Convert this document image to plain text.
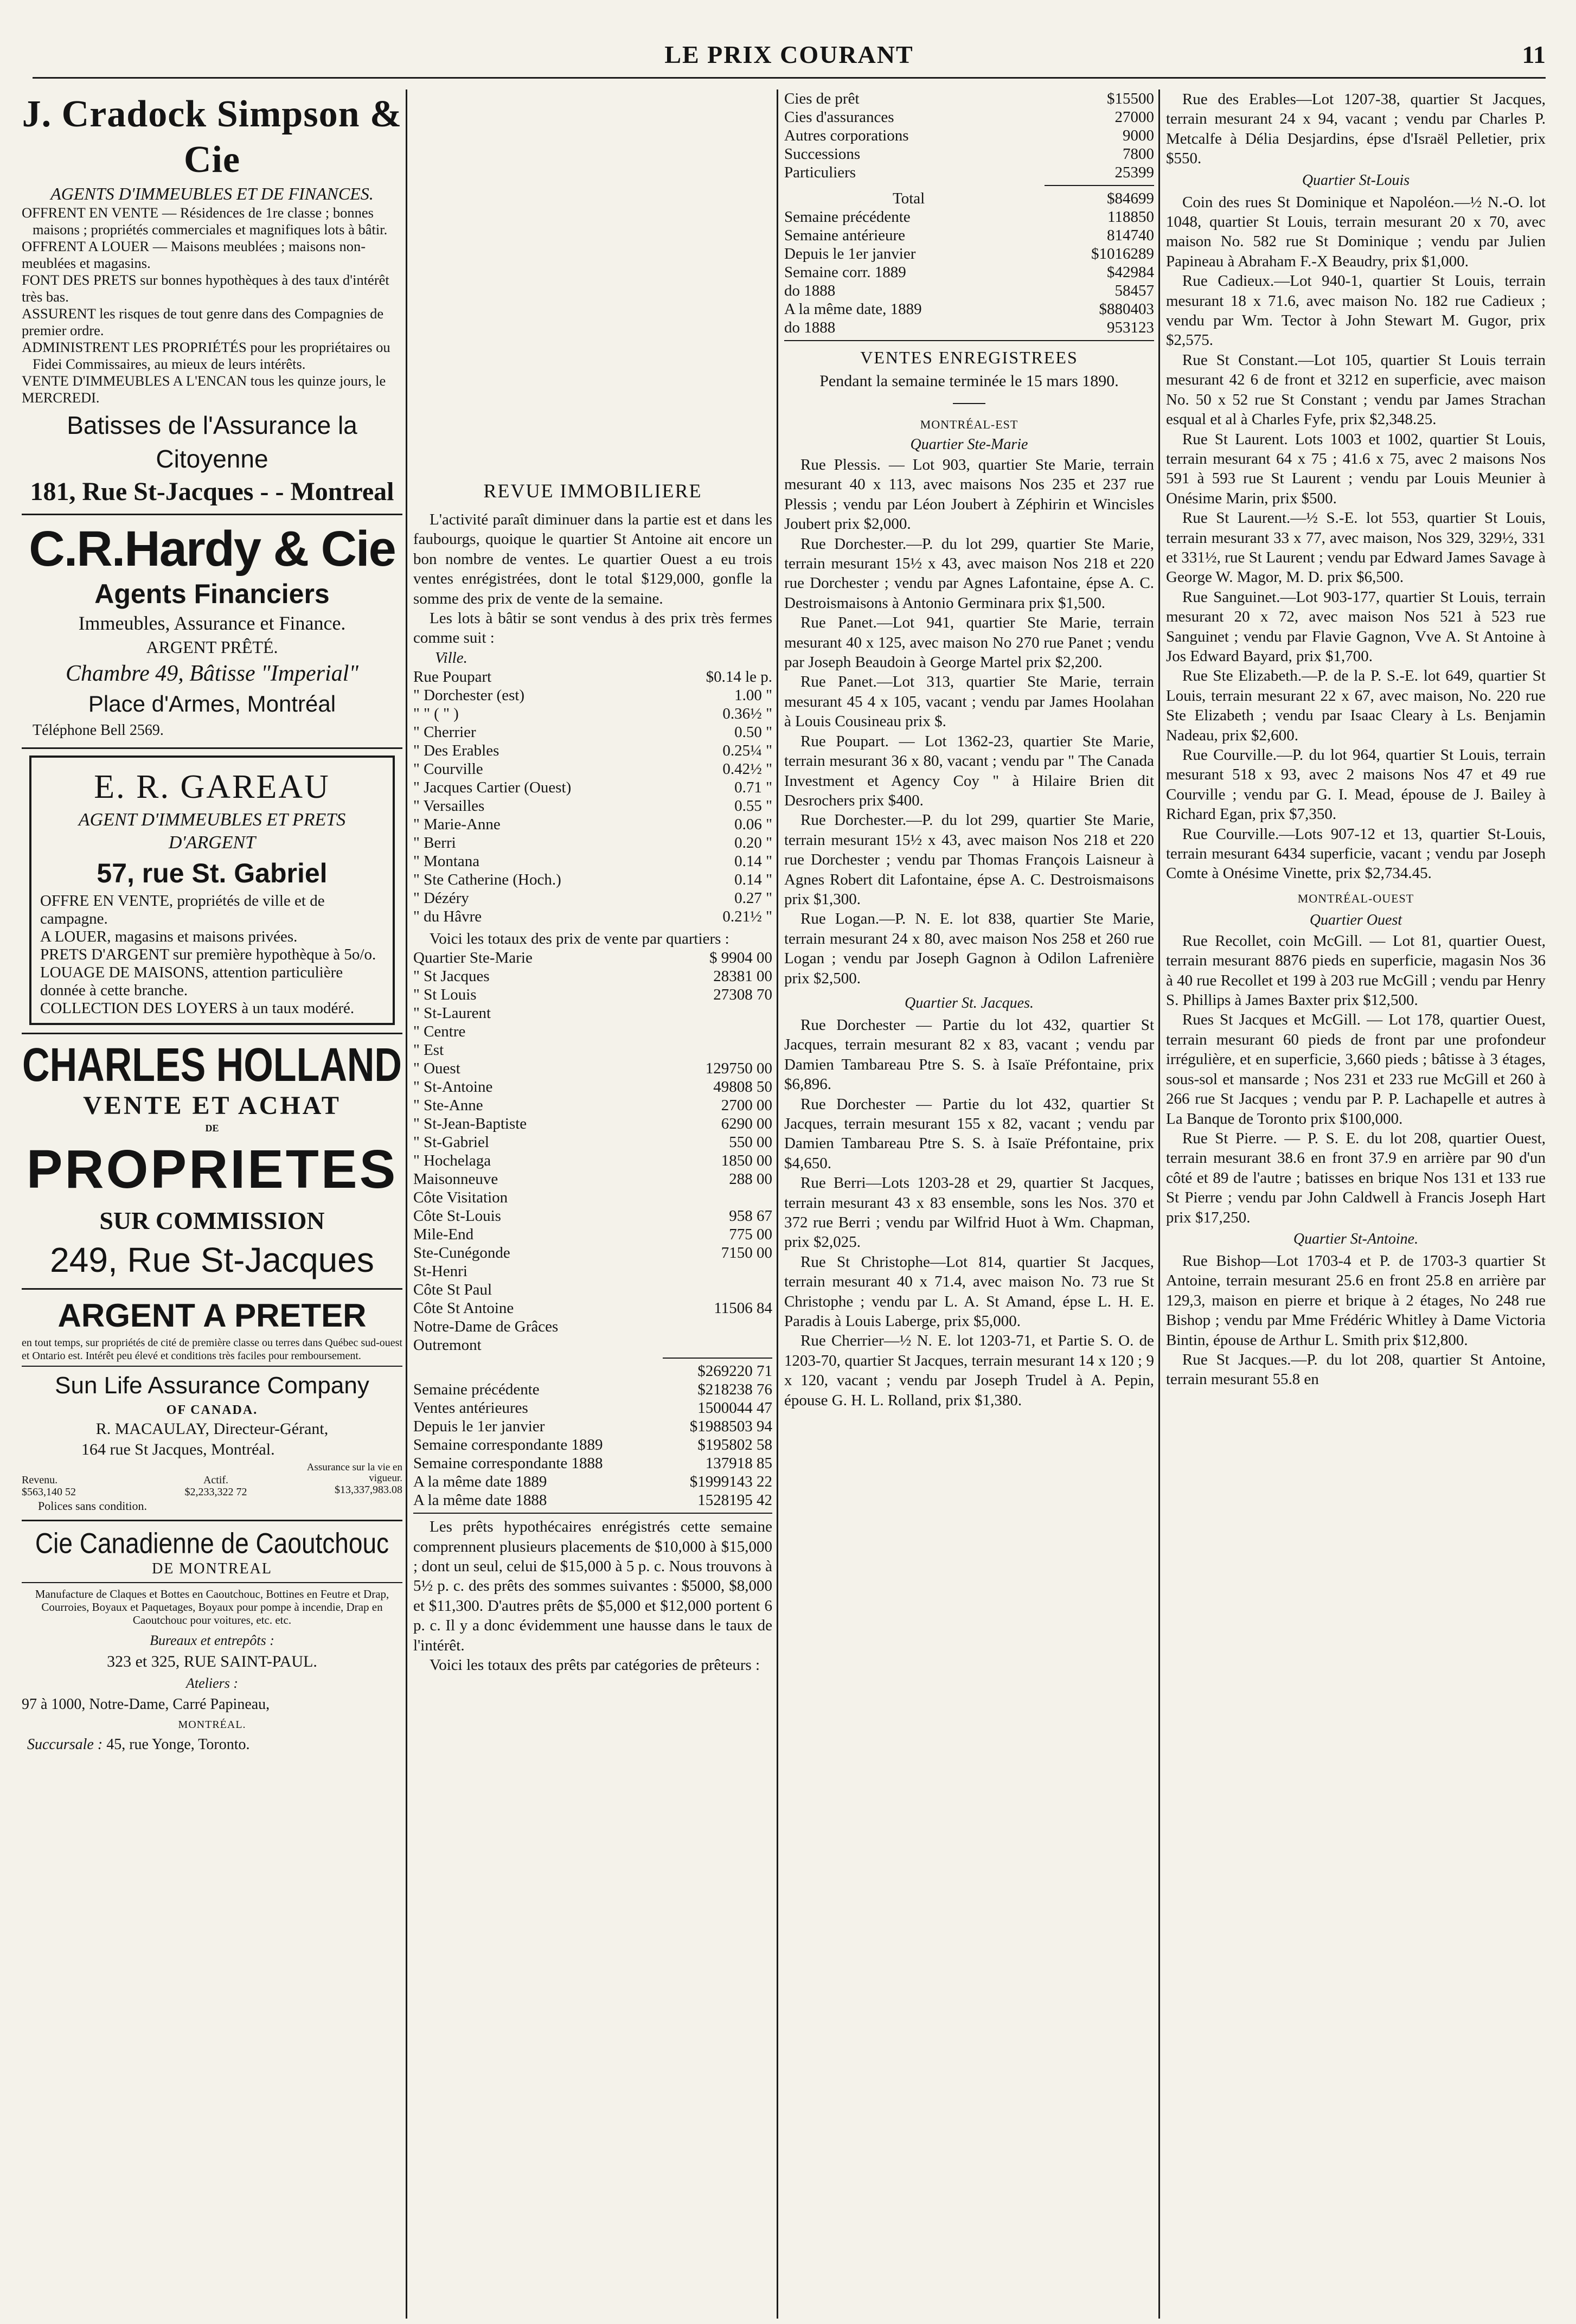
LE PRIX COURANT	11

J. Cradock Simpson & Cie

AGENTS D'IMMEUBLES ET DE FINANCES.

OFFRENT EN VENTE — Résidences de 1re classe ; bonnes maisons ; propriétés commerciales et magnifiques lots à bâtir.

OFFRENT A LOUER — Maisons meublées ; maisons non-meublées et magasins.

FONT DES PRETS sur bonnes hypothèques à des taux d'intérêt très bas.

ASSURENT les risques de tout genre dans des Compagnies de premier ordre.

ADMINISTRENT LES PROPRIÉTÉS pour les propriétaires ou Fidei Commissaires, au mieux de leurs intérêts.

VENTE D'IMMEUBLES A L'ENCAN tous les quinze jours, le MERCREDI.

Batisses de l'Assurance la Citoyenne

181, Rue St-Jacques - - Montreal

C.R.Hardy & Cie

Agents Financiers

Immeubles, Assurance et Finance.

ARGENT PRÊTÉ.

Chambre 49, Bâtisse "Imperial"

Place d'Armes, Montréal

Téléphone Bell 2569.

E. R. GAREAU

AGENT D'IMMEUBLES ET PRETS D'ARGENT

57, rue St. Gabriel

OFFRE EN VENTE, propriétés de ville et de campagne.

A LOUER, magasins et maisons privées.

PRETS D'ARGENT sur première hypothèque à 5o/o.

LOUAGE DE MAISONS, attention particulière donnée à cette branche.

COLLECTION DES LOYERS à un taux modéré.

CHARLES HOLLAND

VENTE ET ACHAT

DE

PROPRIETES

SUR COMMISSION

249, Rue St-Jacques

ARGENT A PRETER

en tout temps, sur propriétés de cité de première classe ou terres dans Québec sud-ouest et Ontario est. Intérêt peu élevé et conditions très faciles pour remboursement.

Sun Life Assurance Company

OF CANADA.

R. MACAULAY, Directeur-Gérant,

164 rue St Jacques, Montréal.

Revenu.

$563,140 52

Actif.

$2,233,322 72

Assurance sur la vie en vigueur.

$13,337,983.08

Polices sans condition.

Cie Canadienne de Caoutchouc

DE MONTREAL

Manufacture de Claques et Bottes en Caoutchouc, Bottines en Feutre et Drap, Courroies, Boyaux et Paquetages, Boyaux pour pompe à incendie, Drap en Caoutchouc pour voitures, etc. etc.

Bureaux et entrepôts :

323 et 325, RUE SAINT-PAUL.

Ateliers :

97 à 1000, Notre-Dame, Carré Papineau,

MONTRÉAL.

Succursale : 45, rue Yonge, Toronto.

REVUE IMMOBILIERE

L'activité paraît diminuer dans la partie est et dans les faubourgs, quoique le quartier St Antoine ait encore un bon nombre de ventes. Le quartier Ouest a eu trois ventes enrégistrées, dont le total $129,000, gonfle la somme des prix de vente de la semaine.

Les lots à bâtir se sont vendus à des prix très fermes comme suit :

Ville.

Rue Poupart	$0.14 le p.
" Dorchester (est)	1.00 "
" " ( " )	0.36½ "
" Cherrier	0.50 "
" Des Erables	0.25¼ "
" Courville	0.42½ "
" Jacques Cartier (Ouest)	0.71 "
" Versailles	0.55 "
" Marie-Anne	0.06 "
" Berri	0.20 "
" Montana	0.14 "
" Ste Catherine (Hoch.)	0.14 "
" Dézéry	0.27 "
" du Hâvre	0.21½ "

Voici les totaux des prix de vente par quartiers :

Quartier Ste-Marie	$ 9904 00
" St Jacques	28381 00
" St Louis	27308 70
" St-Laurent	
" Centre	
" Est	
" Ouest	129750 00
" St-Antoine	49808 50
" Ste-Anne	2700 00
" St-Jean-Baptiste	6290 00
" St-Gabriel	550 00
" Hochelaga	1850 00
Maisonneuve	288 00
Côte Visitation	
Côte St-Louis	958 67
Mile-End	775 00
Ste-Cunégonde	7150 00
St-Henri	
Côte St Paul	
Côte St Antoine	11506 84
Notre-Dame de Grâces	
Outremont	
	$269220 71
Semaine précédente	$218238 76
Ventes antérieures	1500044 47
Depuis le 1er janvier	$1988503 94
Semaine correspondante 1889	$195802 58
Semaine correspondante 1888	137918 85
A la même date 1889	$1999143 22
A la même date 1888	1528195 42

Les prêts hypothécaires enrégistrés cette semaine comprennent plusieurs placements de $10,000 à $15,000 ; dont un seul, celui de $15,000 à 5 p. c. Nous trouvons à 5½ p. c. des prêts des sommes suivantes : $5000, $8,000 et $11,300. D'autres prêts de $5,000 et $12,000 portent 6 p. c. Il y a donc évidemment une hausse dans le taux de l'intérêt.

Voici les totaux des prêts par catégories de prêteurs :

Cies de prêt	$15500
Cies d'assurances	27000
Autres corporations	9000
Successions	7800
Particuliers	25399
Total	$84699
Semaine précédente	118850
Semaine antérieure	814740
Depuis le 1er janvier	$1016289
Semaine corr. 1889	$42984
do 1888	58457
A la même date, 1889	$880403
do 1888	953123

VENTES ENREGISTREES

Pendant la semaine terminée le 15 mars 1890.

MONTRÉAL-EST

Quartier Ste-Marie

Rue Plessis. — Lot 903, quartier Ste Marie, terrain mesurant 40 x 113, avec maisons Nos 235 et 237 rue Plessis ; vendu par Léon Joubert à Zéphirin et Wincisles Joubert prix $2,000.

Rue Dorchester.—P. du lot 299, quartier Ste Marie, terrain mesurant 15½ x 43, avec maison Nos 218 et 220 rue Dorchester ; vendu par Agnes Lafontaine, épse A. C. Destroismaisons à Antonio Germinara prix $1,500.

Rue Panet.—Lot 941, quartier Ste Marie, terrain mesurant 40 x 125, avec maison No 270 rue Panet ; vendu par Joseph Beaudoin à George Martel prix $2,200.

Rue Panet.—Lot 313, quartier Ste Marie, terrain mesurant 45 4 x 105, vacant ; vendu par James Hoolahan à Louis Cousineau prix $.

Rue Poupart. — Lot 1362-23, quartier Ste Marie, terrain mesurant 36 x 80, vacant ; vendu par " The Canada Investment et Agency Coy " à Hilaire Brien dit Desrochers prix $400.

Rue Dorchester.—P. du lot 299, quartier Ste Marie, terrain mesurant 15½ x 43, avec maison Nos 218 et 220 rue Dorchester ; vendu par Thomas François Laisneur à Agnes Robert dit Lafontaine, épse A. C. Destroismaisons prix $1,300.

Rue Logan.—P. N. E. lot 838, quartier Ste Marie, terrain mesurant 24 x 80, avec maison Nos 258 et 260 rue Logan ; vendu par Joseph Gagnon à Odilon Lafrenière prix $2,500.

Quartier St. Jacques.

Rue Dorchester — Partie du lot 432, quartier St Jacques, terrain mesurant 82 x 83, vacant ; vendu par Damien Tambareau Ptre S. S. à Isaïe Préfontaine, prix $6,896.

Rue Dorchester — Partie du lot 432, quartier St Jacques, terrain mesurant 155 x 82, vacant ; vendu par Damien Tambareau Ptre S. S. à Isaïe Préfontaine, prix $4,650.

Rue Berri—Lots 1203-28 et 29, quartier St Jacques, terrain mesurant 43 x 83 ensemble, sons les Nos. 370 et 372 rue Berri ; vendu par Wilfrid Huot à Wm. Chapman, prix $2,025.

Rue St Christophe—Lot 814, quartier St Jacques, terrain mesurant 40 x 71.4, avec maison No. 73 rue St Christophe ; vendu par L. A. St Amand, épse L. H. E. Paradis à Louis Laberge, prix $5,000.

Rue Cherrier—½ N. E. lot 1203-71, et Partie S. O. de 1203-70, quartier St Jacques, terrain mesurant 14 x 120 ; 9 x 120, vacant ; vendu par Joseph Trudel à A. Pepin, épouse G. H. L. Rolland, prix $1,380.

Rue des Erables—Lot 1207-38, quartier St Jacques, terrain mesurant 24 x 94, vacant ; vendu par Charles P. Metcalfe à Délia Desjardins, épse d'Israël Pelletier, prix $550.

Quartier St-Louis

Coin des rues St Dominique et Napoléon.—½ N.-O. lot 1048, quartier St Louis, terrain mesurant 20 x 70, avec maison No. 582 rue St Dominique ; vendu par Julien Papineau à Abraham F.-X Beaudry, prix $1,000.

Rue Cadieux.—Lot 940-1, quartier St Louis, terrain mesurant 18 x 71.6, avec maison No. 182 rue Cadieux ; vendu par Wm. Tector à John Stewart M. Gugor, prix $2,575.

Rue St Constant.—Lot 105, quartier St Louis terrain mesurant 42 6 de front et 3212 en superficie, avec maison No. 50 x 52 rue St Constant ; vendu par James Strachan esqual et al à Charles Fyfe, prix $2,348.25.

Rue St Laurent. Lots 1003 et 1002, quartier St Louis, terrain mesurant 64 x 75 ; 41.6 x 75, avec 2 maisons Nos 591 à 593 rue St Laurent ; vendu par Louis Meunier à Onésime Marin, prix $500.

Rue St Laurent.—½ S.-E. lot 553, quartier St Louis, terrain mesurant 33 x 77, avec maison, Nos 329, 329½, 331 et 331½, rue St Laurent ; vendu par Edward James Savage à George W. Magor, M. D. prix $6,500.

Rue Sanguinet.—Lot 903-177, quartier St Louis, terrain mesurant 20 x 72, avec maison Nos 521 à 523 rue Sanguinet ; vendu par Flavie Gagnon, Vve A. St Antoine à Jos Edward Bayard, prix $1,700.

Rue Ste Elizabeth.—P. de la P. S.-E. lot 649, quartier St Louis, terrain mesurant 22 x 67, avec maison, No. 220 rue Ste Elizabeth ; vendu par Isaac Cleary à Ls. Benjamin Nadeau, prix $2,600.

Rue Courville.—P. du lot 964, quartier St Louis, terrain mesurant 518 x 93, avec 2 maisons Nos 47 et 49 rue Courville ; vendu par G. I. Mead, épouse de J. Bailey à Richard Egan, prix $7,350.

Rue Courville.—Lots 907-12 et 13, quartier St-Louis, terrain mesurant 6434 superficie, vacant ; vendu par Joseph Comte à Onésime Vinette, prix $2,734.45.

MONTRÉAL-OUEST

Quartier Ouest

Rue Recollet, coin McGill. — Lot 81, quartier Ouest, terrain mesurant 8876 pieds en superficie, magasin Nos 36 à 40 rue Recollet et 199 à 203 rue McGill ; vendu par Henry S. Phillips à James Baxter prix $12,500.

Rues St Jacques et McGill. — Lot 178, quartier Ouest, terrain mesurant 60 pieds de front par une profondeur irrégulière, et en superficie, 3,660 pieds ; bâtisse à 3 étages, sous-sol et mansarde ; Nos 231 et 233 rue McGill et 260 à 266 rue St Jacques ; vendu par P. P. Lachapelle et autres à La Banque de Toronto prix $100,000.

Rue St Pierre. — P. S. E. du lot 208, quartier Ouest, terrain mesurant 38.6 en front 37.9 en arrière par 90 d'un côté et 89 de l'autre ; batisses en brique Nos 131 et 133 rue St Pierre ; vendu par John Caldwell à Francis Joseph Hart prix $17,250.

Quartier St-Antoine.

Rue Bishop—Lot 1703-4 et P. de 1703-3 quartier St Antoine, terrain mesurant 25.6 en front 25.8 en arrière par 129,3, maison en pierre et brique à 2 étages, No 248 rue Bishop ; vendu par Mme Frédéric Whitley à Dame Victoria Bintin, épouse de Arthur L. Smith prix $12,800.

Rue St Jacques.—P. du lot 208, quartier St Antoine, terrain mesurant 55.8 en
